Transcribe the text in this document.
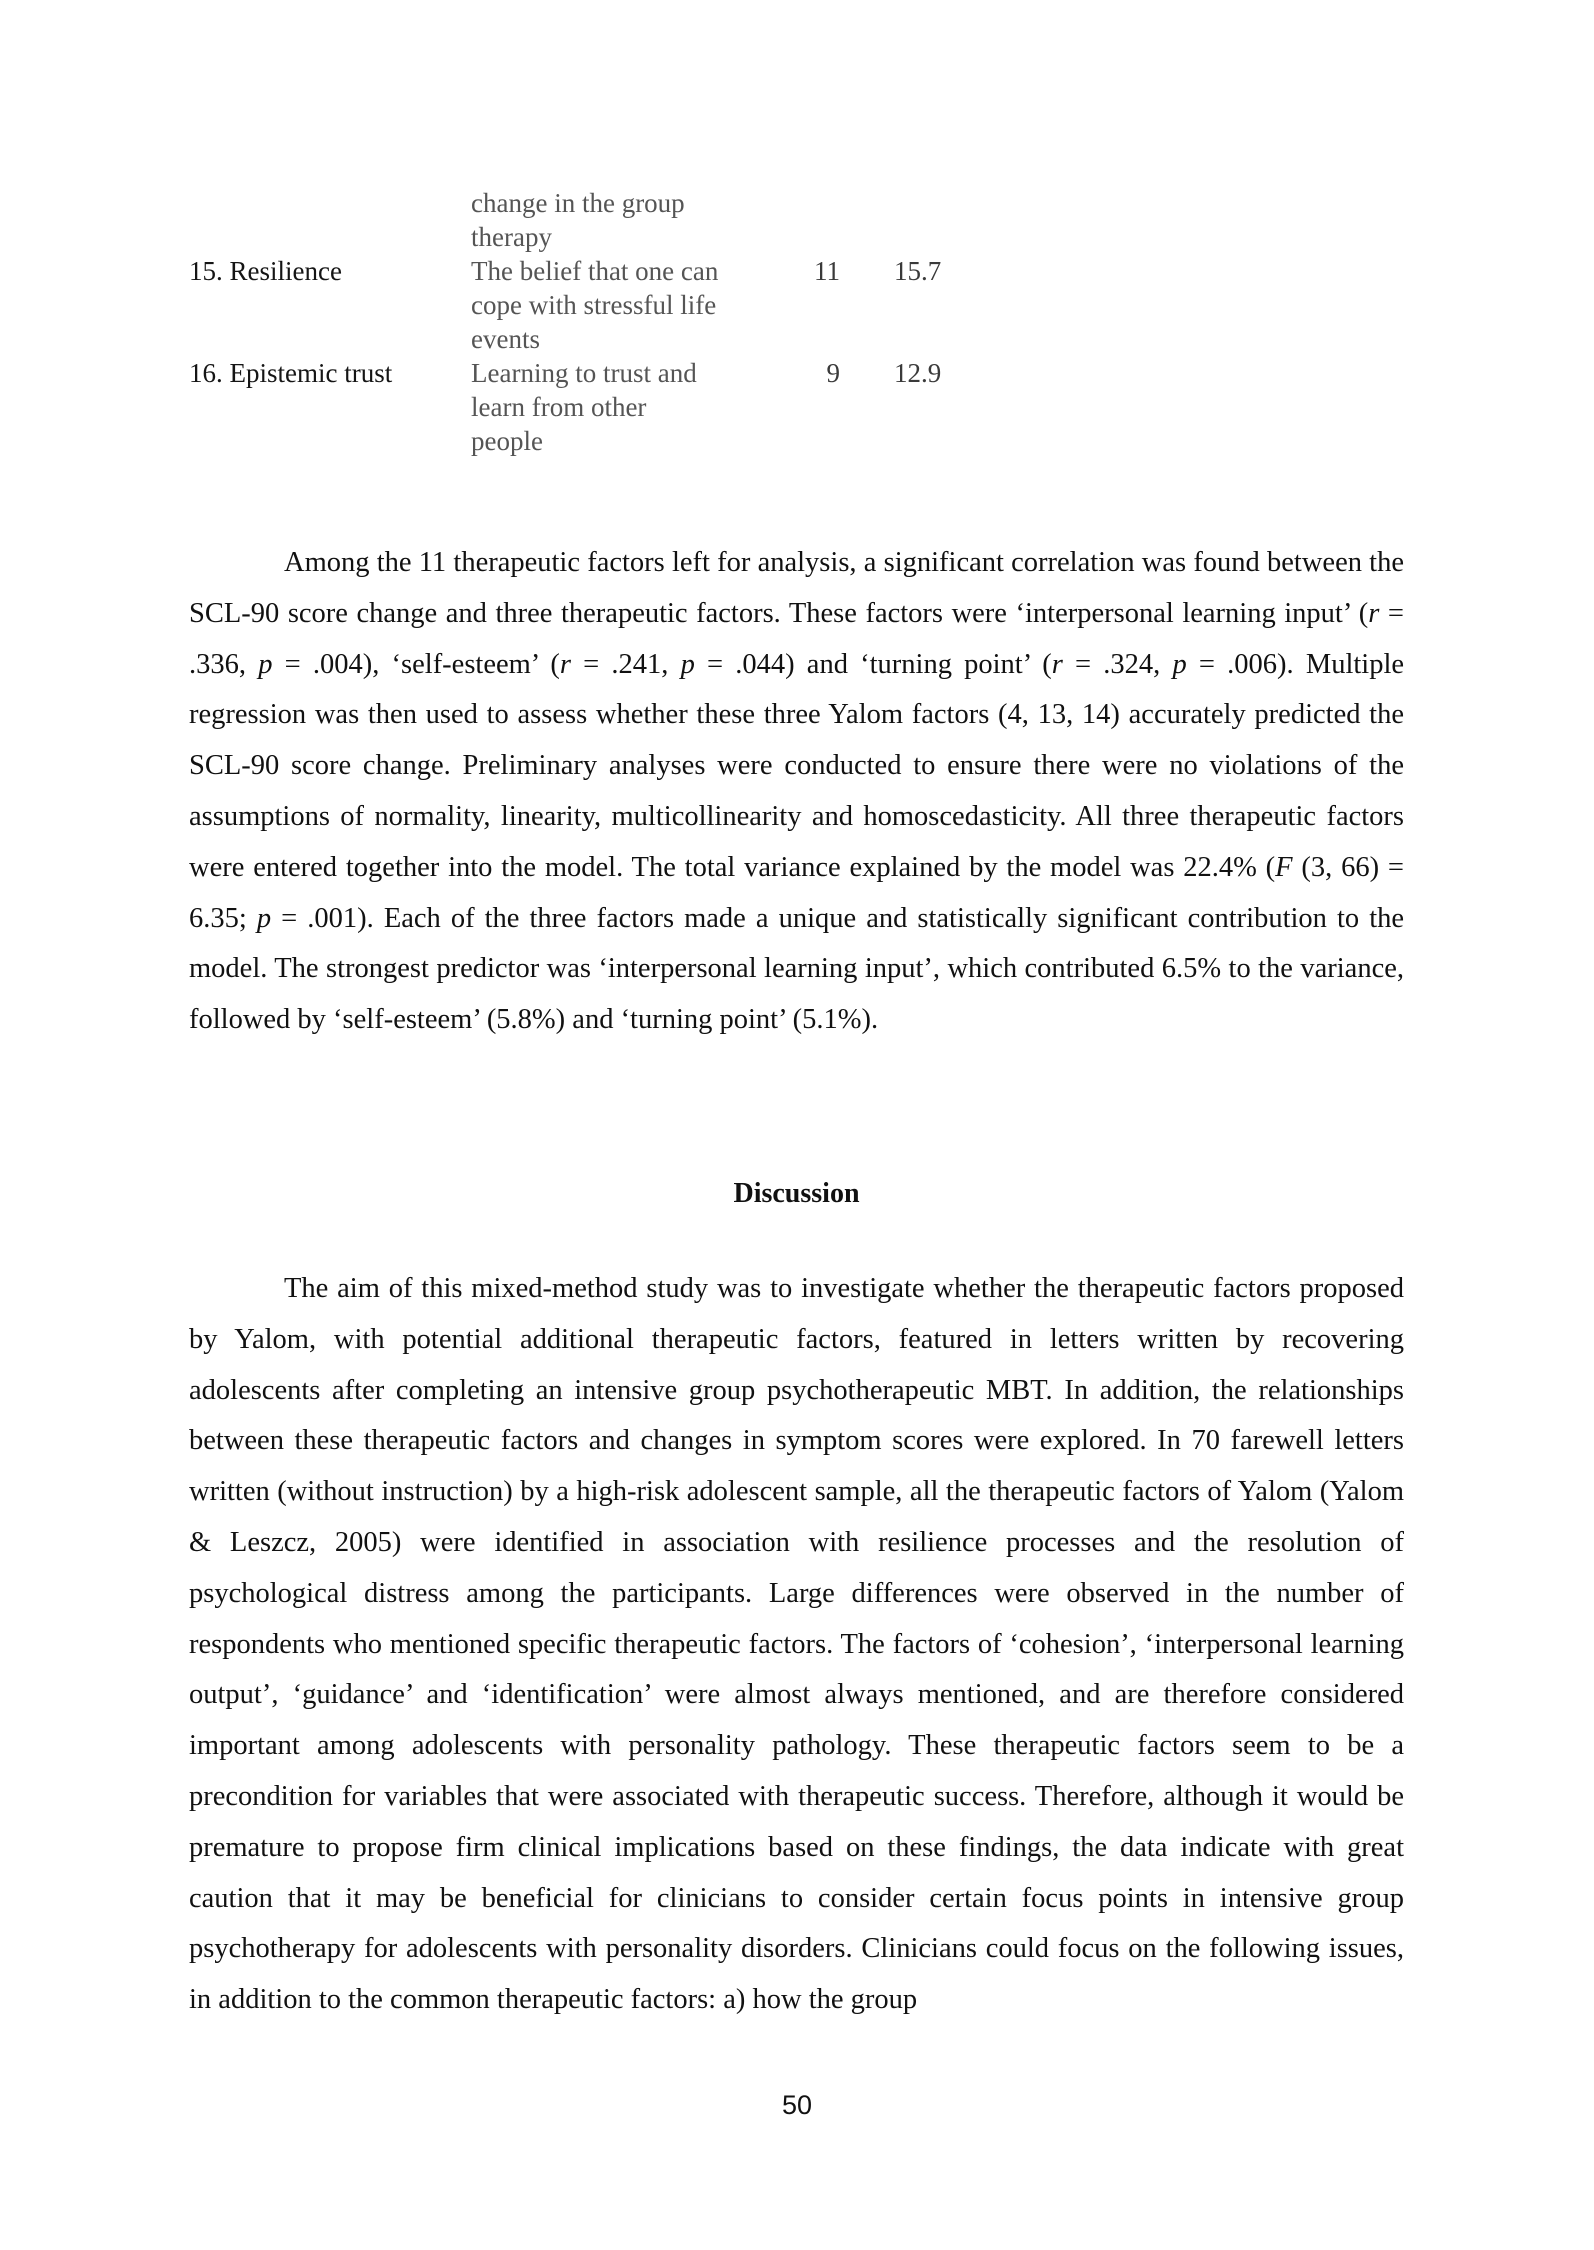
change in the group
therapy
15. Resilience	The belief that one can
cope with stressful life
events
11 15.7
16. Epistemic trust	Learning to trust and
learn from other
people
9 12.9

Among the 11 therapeutic factors left for analysis, a significant correlation was found between the SCL-90 score change and three therapeutic factors. These factors were ‘interpersonal learning input’ (r = .336, p = .004), ‘self-esteem’ (r = .241, p = .044) and ‘turning point’ (r = .324, p = .006). Multiple regression was then used to assess whether these three Yalom factors (4, 13, 14) accurately predicted the SCL-90 score change. Preliminary analyses were conducted to ensure there were no violations of the assumptions of normality, linearity, multicollinearity and homoscedasticity. All three therapeutic factors were entered together into the model. The total variance explained by the model was 22.4% (F (3, 66) = 6.35; p = .001). Each of the three factors made a unique and statistically significant contribution to the model. The strongest predictor was ‘interpersonal learning input’, which contributed 6.5% to the variance, followed by ‘self-esteem’ (5.8%) and ‘turning point’ (5.1%).

Discussion

The aim of this mixed-method study was to investigate whether the therapeutic factors proposed by Yalom, with potential additional therapeutic factors, featured in letters written by recovering adolescents after completing an intensive group psychotherapeutic MBT. In addition, the relationships between these therapeutic factors and changes in symptom scores were explored. In 70 farewell letters written (without instruction) by a high-risk adolescent sample, all the therapeutic factors of Yalom (Yalom & Leszcz, 2005) were identified in association with resilience processes and the resolution of psychological distress among the participants. Large differences were observed in the number of respondents who mentioned specific therapeutic factors. The factors of ‘cohesion’, ‘interpersonal learning output’, ‘guidance’ and ‘identification’ were almost always mentioned, and are therefore considered important among adolescents with personality pathology. These therapeutic factors seem to be a precondition for variables that were associated with therapeutic success. Therefore, although it would be premature to propose firm clinical implications based on these findings, the data indicate with great caution that it may be beneficial for clinicians to consider certain focus points in intensive group psychotherapy for adolescents with personality disorders. Clinicians could focus on the following issues, in addition to the common therapeutic factors: a) how the group

50
